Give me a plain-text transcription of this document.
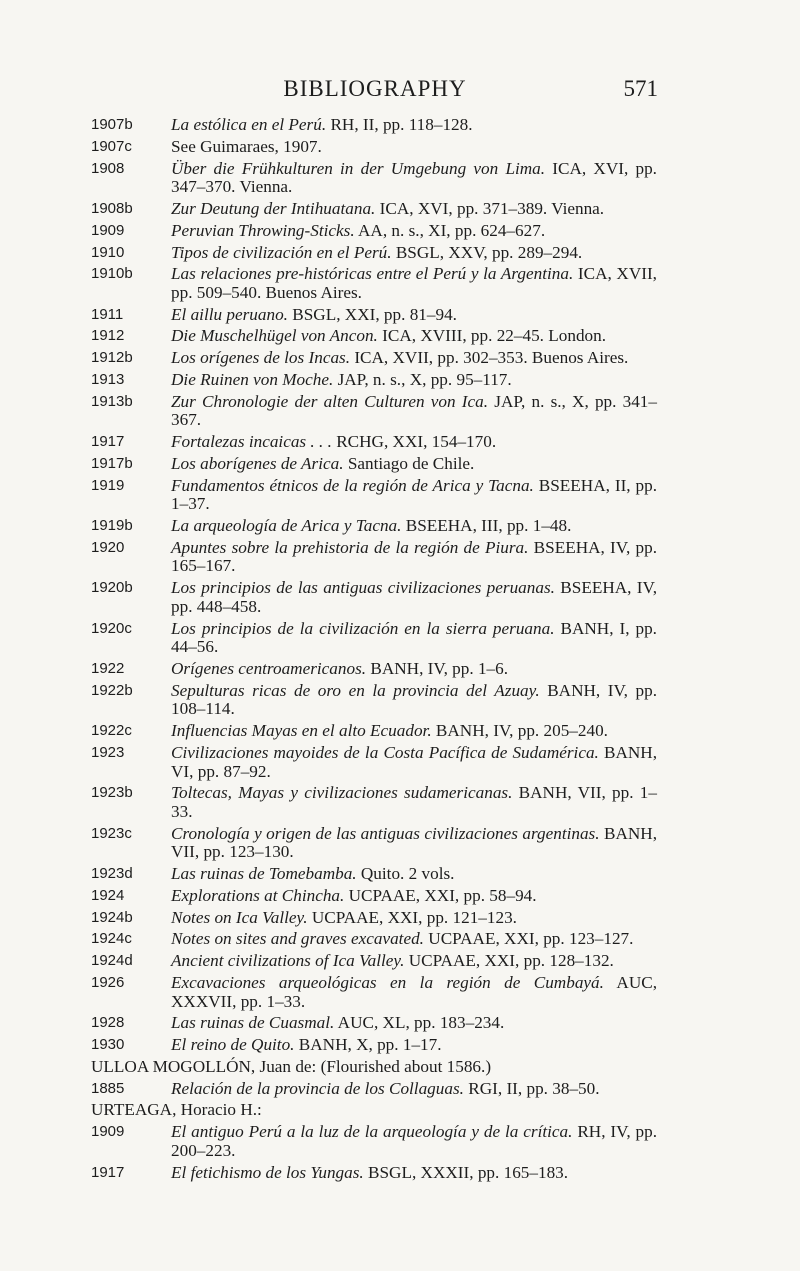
BIBLIOGRAPHY	571
1907b	La estólica en el Perú. RH, II, pp. 118–128.
1907c	See Guimaraes, 1907.
1908	Über die Frühkulturen in der Umgebung von Lima. ICA, XVI, pp. 347–370. Vienna.
1908b	Zur Deutung der Intihuatana. ICA, XVI, pp. 371–389. Vienna.
1909	Peruvian Throwing-Sticks. AA, n. s., XI, pp. 624–627.
1910	Tipos de civilización en el Perú. BSGL, XXV, pp. 289–294.
1910b	Las relaciones pre-históricas entre el Perú y la Argentina. ICA, XVII, pp. 509–540. Buenos Aires.
1911	El aillu peruano. BSGL, XXI, pp. 81–94.
1912	Die Muschelhügel von Ancon. ICA, XVIII, pp. 22–45. London.
1912b	Los orígenes de los Incas. ICA, XVII, pp. 302–353. Buenos Aires.
1913	Die Ruinen von Moche. JAP, n. s., X, pp. 95–117.
1913b	Zur Chronologie der alten Culturen von Ica. JAP, n. s., X, pp. 341–367.
1917	Fortalezas incaicas . . . RCHG, XXI, 154–170.
1917b	Los aborígenes de Arica. Santiago de Chile.
1919	Fundamentos étnicos de la región de Arica y Tacna. BSEEHA, II, pp. 1–37.
1919b	La arqueología de Arica y Tacna. BSEEHA, III, pp. 1–48.
1920	Apuntes sobre la prehistoria de la región de Piura. BSEEHA, IV, pp. 165–167.
1920b	Los principios de las antiguas civilizaciones peruanas. BSEEHA, IV, pp. 448–458.
1920c	Los principios de la civilización en la sierra peruana. BANH, I, pp. 44–56.
1922	Orígenes centroamericanos. BANH, IV, pp. 1–6.
1922b	Sepulturas ricas de oro en la provincia del Azuay. BANH, IV, pp. 108–114.
1922c	Influencias Mayas en el alto Ecuador. BANH, IV, pp. 205–240.
1923	Civilizaciones mayoides de la Costa Pacífica de Sudamérica. BANH, VI, pp. 87–92.
1923b	Toltecas, Mayas y civilizaciones sudamericanas. BANH, VII, pp. 1–33.
1923c	Cronología y origen de las antiguas civilizaciones argentinas. BANH, VII, pp. 123–130.
1923d	Las ruinas de Tomebamba. Quito. 2 vols.
1924	Explorations at Chincha. UCPAAE, XXI, pp. 58–94.
1924b	Notes on Ica Valley. UCPAAE, XXI, pp. 121–123.
1924c	Notes on sites and graves excavated. UCPAAE, XXI, pp. 123–127.
1924d	Ancient civilizations of Ica Valley. UCPAAE, XXI, pp. 128–132.
1926	Excavaciones arqueológicas en la región de Cumbayá. AUC, XXXVII, pp. 1–33.
1928	Las ruinas de Cuasmal. AUC, XL, pp. 183–234.
1930	El reino de Quito. BANH, X, pp. 1–17.
ULLOA MOGOLLÓN, Juan de: (Flourished about 1586.)
1885	Relación de la provincia de los Collaguas. RGI, II, pp. 38–50.
URTEAGA, Horacio H.:
1909	El antiguo Perú a la luz de la arqueología y de la crítica. RH, IV, pp. 200–223.
1917	El fetichismo de los Yungas. BSGL, XXXII, pp. 165–183.
